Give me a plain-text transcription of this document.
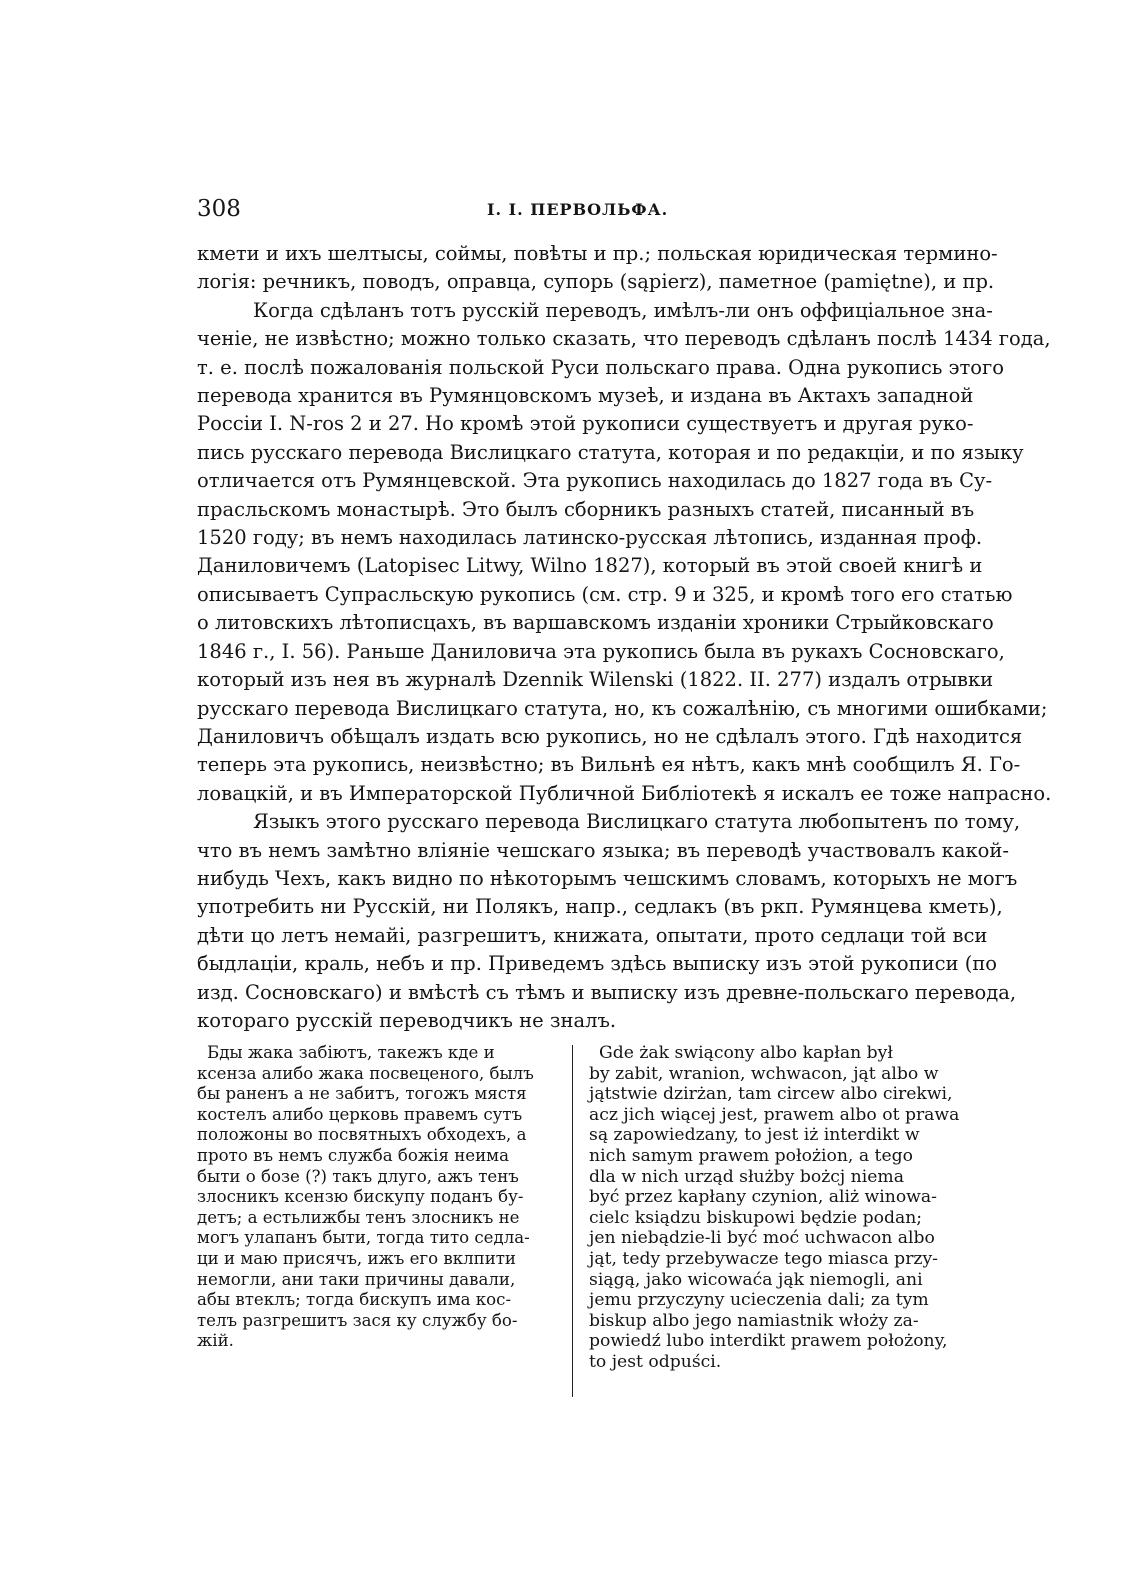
308	I. I. ПЕРВОЛЬФА.
кмети и ихъ шелтысы, соймы, повѣты и пр.; польская юридическая термино-
логія: речникъ, поводъ, оправца, супорь (sąpierz), паметное (pamiętne), и пр.
Когда сдѣланъ тотъ русскій переводъ, имѣлъ-ли онъ оффиціальное зна-
ченіе, не извѣстно; можно только сказать, что переводъ сдѣланъ послѣ 1434 года,
т. е. послѣ пожалованія польской Руси польскаго права. Одна рукопись этого
перевода хранится въ Румянцовскомъ музеѣ, и издана въ Актахъ западной
Россіи I. N-ros 2 и 27. Но кромѣ этой рукописи существуетъ и другая руко-
пись русскаго перевода Вислицкаго статута, которая и по редакціи, и по языку
отличается отъ Румянцевской. Эта рукопись находилась до 1827 года въ Су-
прасльскомъ монастырѣ. Это былъ сборникъ разныхъ статей, писанный въ
1520 году; въ немъ находилась латинско-русская лѣтопись, изданная проф.
Даниловичемъ (Latopisec Litwy, Wilno 1827), который въ этой своей книгѣ и
описываетъ Супрасльскую рукопись (см. стр. 9 и 325, и кромѣ того его статью
о литовскихъ лѣтописцахъ, въ варшавскомъ изданіи хроники Стрыйковскаго
1846 г., I. 56). Раньше Даниловича эта рукопись была въ рукахъ Сосновскаго,
который изъ нея въ журналѣ Dzennik Wilenski (1822. II. 277) издалъ отрывки
русскаго перевода Вислицкаго статута, но, къ сожалѣнію, съ многими ошибками;
Даниловичъ обѣщалъ издать всю рукопись, но не сдѣлалъ этого. Гдѣ находится
теперь эта рукопись, неизвѣстно; въ Вильнѣ ея нѣтъ, какъ мнѣ сообщилъ Я. Го-
ловацкій, и въ Императорской Публичной Библіотекѣ я искалъ ее тоже напрасно.
Языкъ этого русскаго перевода Вислицкаго статута любопытенъ по тому,
что въ немъ замѣтно вліяніе чешскаго языка; въ переводѣ участвовалъ какой-
нибудь Чехъ, какъ видно по нѣкоторымъ чешскимъ словамъ, которыхъ не могъ
употребить ни Русскій, ни Полякъ, напр., седлакъ (въ ркп. Румянцева кметь),
дѣти цо летъ немайі, разгрешитъ, книжата, опытати, прото седлаци той вси
быдлаціи, краль, небъ и пр. Приведемъ здѣсь выписку изъ этой рукописи (по
изд. Сосновскаго) и вмѣстѣ съ тѣмъ и выписку изъ древне-польскаго перевода,
котораго русскій переводчикъ не зналъ.
Бды жака забіютъ, такежъ кде и
ксенза алибо жака посвеценого, былъ
бы раненъ а не забитъ, тогожъ мястя
костелъ алибо церковь правемъ сутъ
положоны во посвятныхъ обходехъ, а
прото въ немъ служба божія неима
быти о бозе (?) такъ длуго, ажъ тенъ
злосникъ ксензю бискупу поданъ бу-
детъ; а естьлижбы тенъ злосникъ не
могъ улапанъ быти, тогда тито седла-
ци и маю присячъ, ижъ его вклпити
немогли, ани таки причины давали,
абы втеклъ; тогда бискупъ има кос-
телъ разгрешитъ зася ку службу бо-
жій.
Gde żak swiącony albo kapłan był
by zabit, wranion, wchwacon, jąt albo w
jątstwie dzirżan, tam circew albo cirekwi,
acz jich wiącej jest, prawem albo ot prawa
są zapowiedzany, to jest iż interdikt w
nich samym prawem położion, a tego
dla w nich urząd służby bożcj niema
być przez kapłany czynion, aliż winowa-
cielc ksiądzu biskupowi będzie podan;
jen niebądzie-li być moć uchwacon albo
jąt, tedy przebywacze tego miasca przy-
siągą, jako wicowaća jąk niemogli, ani
jemu przyczyny ucieczenia dali; za tym
biskup albo jego namiastnik włoży za-
powiedź lubo interdikt prawem położony,
to jest odpuści.
